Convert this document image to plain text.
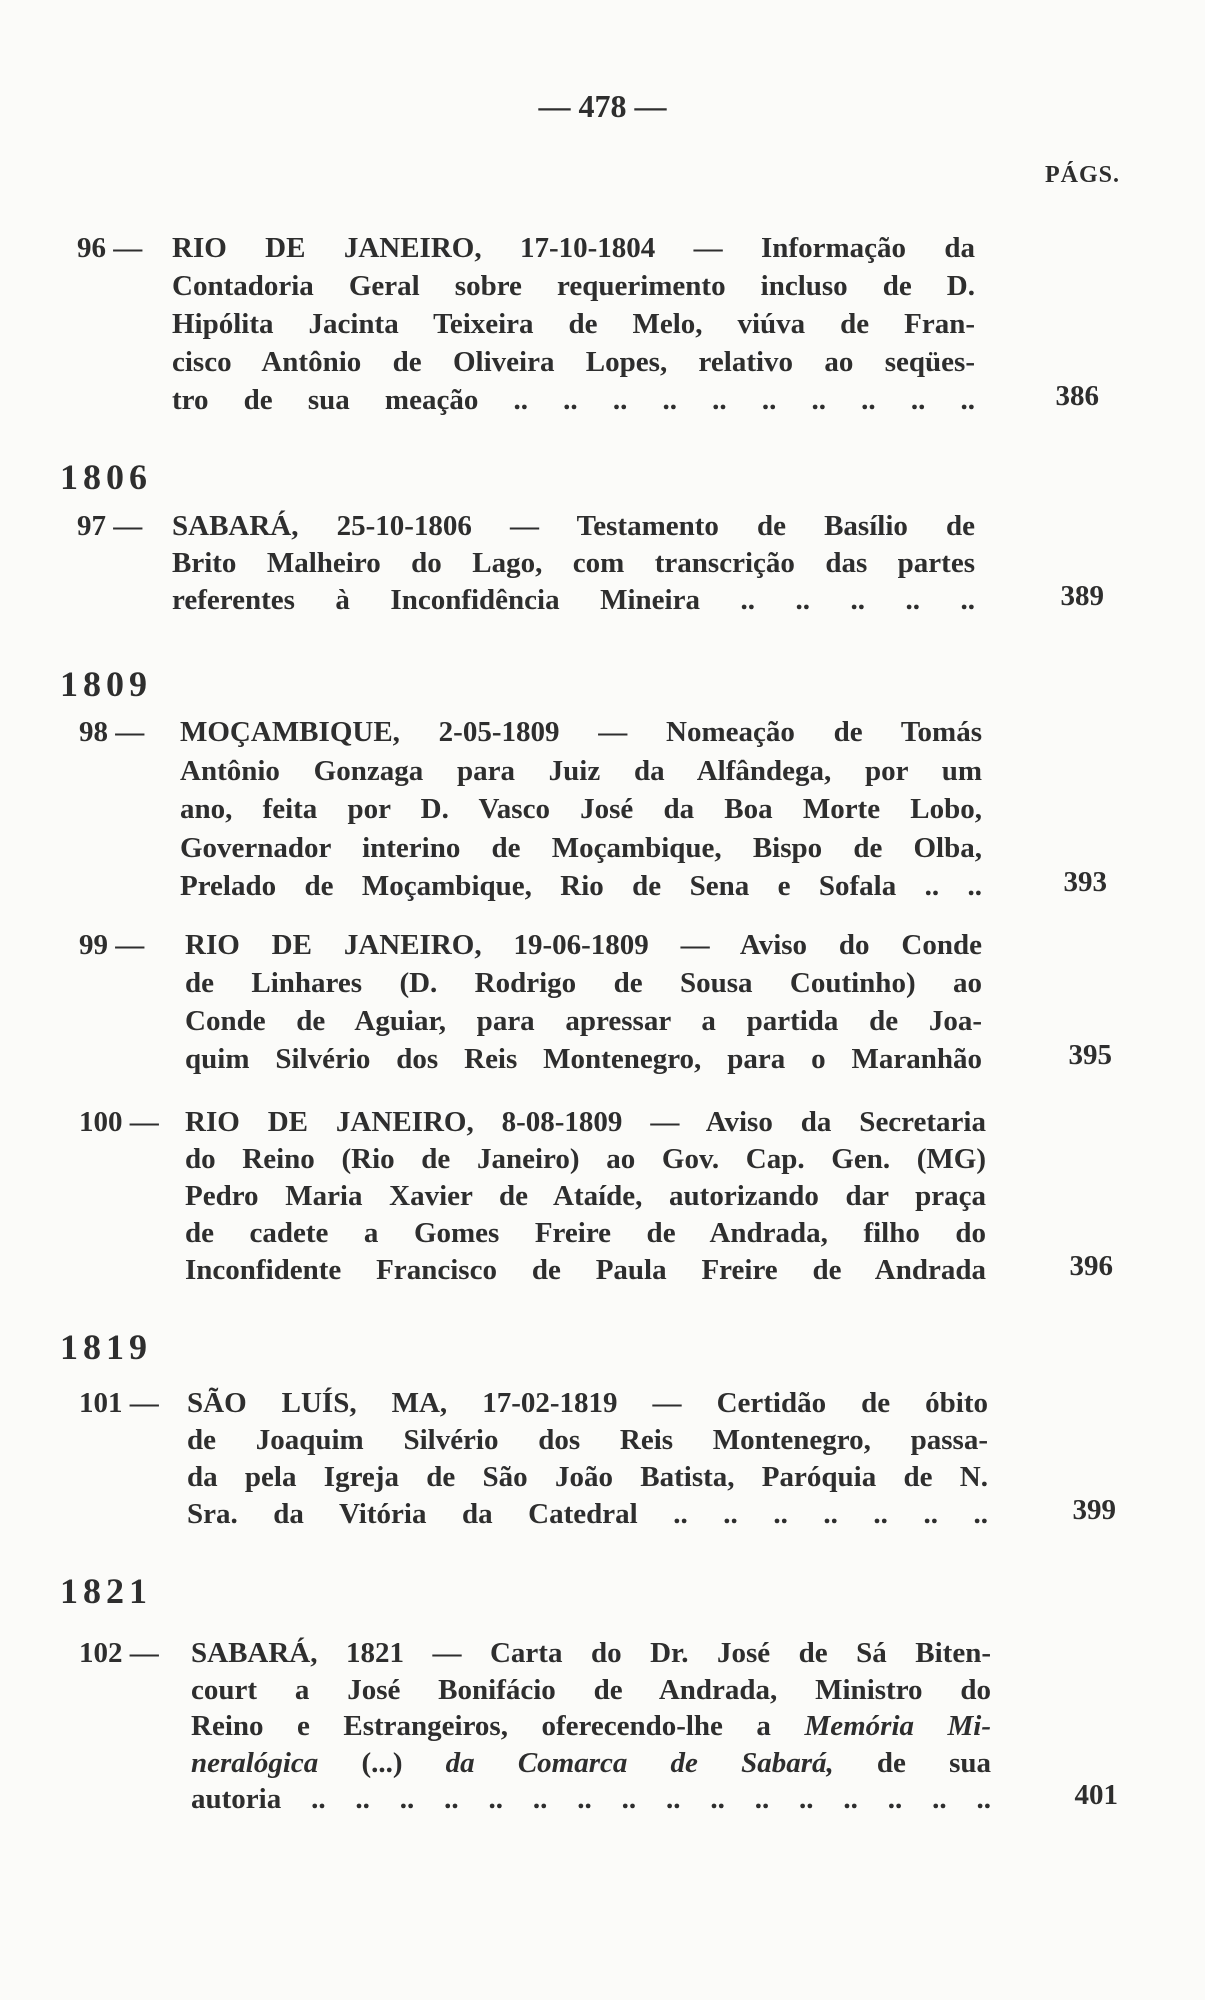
— 478 —
PÁGS.
96 — RIO DE JANEIRO, 17-10-1804 — Informação da
Contadoria Geral sobre requerimento incluso de D.
Hipólita Jacinta Teixeira de Melo, viúva de Fran-
cisco Antônio de Oliveira Lopes, relativo ao seqües-
tro de sua meação .. .. .. .. .. .. .. .. .. ..	386
1806
97 — SABARÁ, 25-10-1806 — Testamento de Basílio de
Brito Malheiro do Lago, com transcrição das partes
referentes à Inconfidência Mineira .. .. .. .. ..	389
1809
98 — MOÇAMBIQUE, 2-05-1809 — Nomeação de Tomás
Antônio Gonzaga para Juiz da Alfândega, por um
ano, feita por D. Vasco José da Boa Morte Lobo,
Governador interino de Moçambique, Bispo de Olba,
Prelado de Moçambique, Rio de Sena e Sofala .. ..	393
99 — RIO DE JANEIRO, 19-06-1809 — Aviso do Conde
de Linhares (D. Rodrigo de Sousa Coutinho) ao
Conde de Aguiar, para apressar a partida de Joa-
quim Silvério dos Reis Montenegro, para o Maranhão	395
100 — RIO DE JANEIRO, 8-08-1809 — Aviso da Secretaria
do Reino (Rio de Janeiro) ao Gov. Cap. Gen. (MG)
Pedro Maria Xavier de Ataíde, autorizando dar praça
de cadete a Gomes Freire de Andrada, filho do
Inconfidente Francisco de Paula Freire de Andrada	396
1819
101 — SÃO LUÍS, MA, 17-02-1819 — Certidão de óbito
de Joaquim Silvério dos Reis Montenegro, passa-
da pela Igreja de São João Batista, Paróquia de N.
Sra. da Vitória da Catedral .. .. .. .. .. .. ..	399
1821
102 — SABARÁ, 1821 — Carta do Dr. José de Sá Biten-
court a José Bonifácio de Andrada, Ministro do
Reino e Estrangeiros, oferecendo-lhe a Memória Mi-
neralógica (...) da Comarca de Sabará, de sua
autoria .. .. .. .. .. .. .. .. .. .. .. .. .. .. .. ..	401
